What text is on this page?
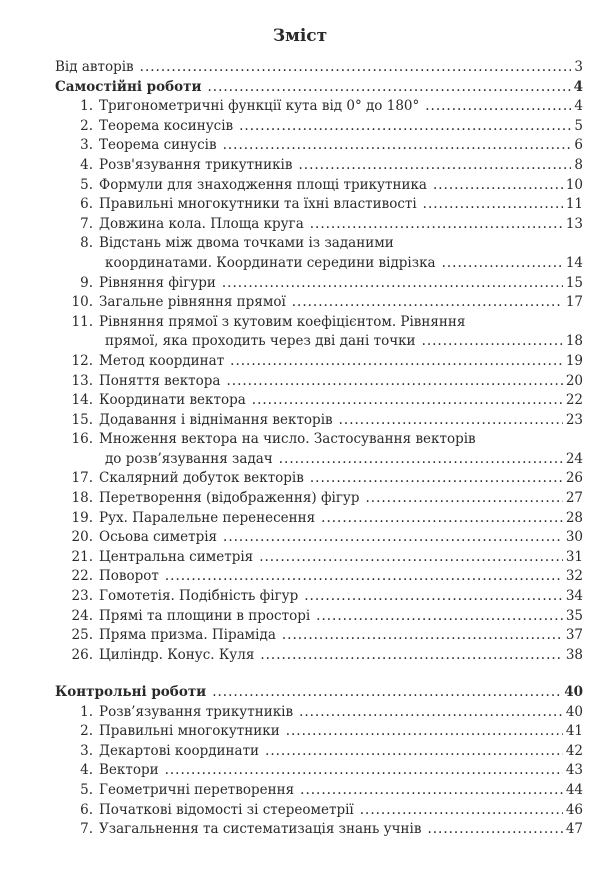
Зміст
Від авторів .....	3
Самостійні роботи .....	4
1. Тригонометричні функції кута від 0° до 180° .....	4
2. Теорема косинусів .....	5
3. Теорема синусів .....	6
4. Розв'язування трикутників .....	8
5. Формули для знаходження площі трикутника .....	10
6. Правильні многокутники та їхні властивості .....	11
7. Довжина кола. Площа круга .....	13
8. Відстань між двома точками із заданими
координатами. Координати середини відрізка .....	14
9. Рівняння фігури .....	15
10. Загальне рівняння прямої .....	17
11. Рівняння прямої з кутовим коефіцієнтом. Рівняння
прямої, яка проходить через дві дані точки .....	18
12. Метод координат .....	19
13. Поняття вектора .....	20
14. Координати вектора .....	22
15. Додавання і віднімання векторів .....	23
16. Множення вектора на число. Застосування векторів
до розв’язування задач .....	24
17. Скалярний добуток векторів .....	26
18. Перетворення (відображення) фігур .....	27
19. Рух. Паралельне перенесення .....	28
20. Осьова симетрія .....	30
21. Центральна симетрія .....	31
22. Поворот .....	32
23. Гомотетія. Подібність фігур .....	34
24. Прямі та площини в просторі .....	35
25. Пряма призма. Піраміда .....	37
26. Циліндр. Конус. Куля .....	38
Контрольні роботи .....	40
1. Розв’язування трикутників .....	40
2. Правильні многокутники .....	41
3. Декартові координати .....	42
4. Вектори .....	43
5. Геометричні перетворення .....	44
6. Початкові відомості зі стереометрії .....	46
7. Узагальнення та систематизація знань учнів .....	47
